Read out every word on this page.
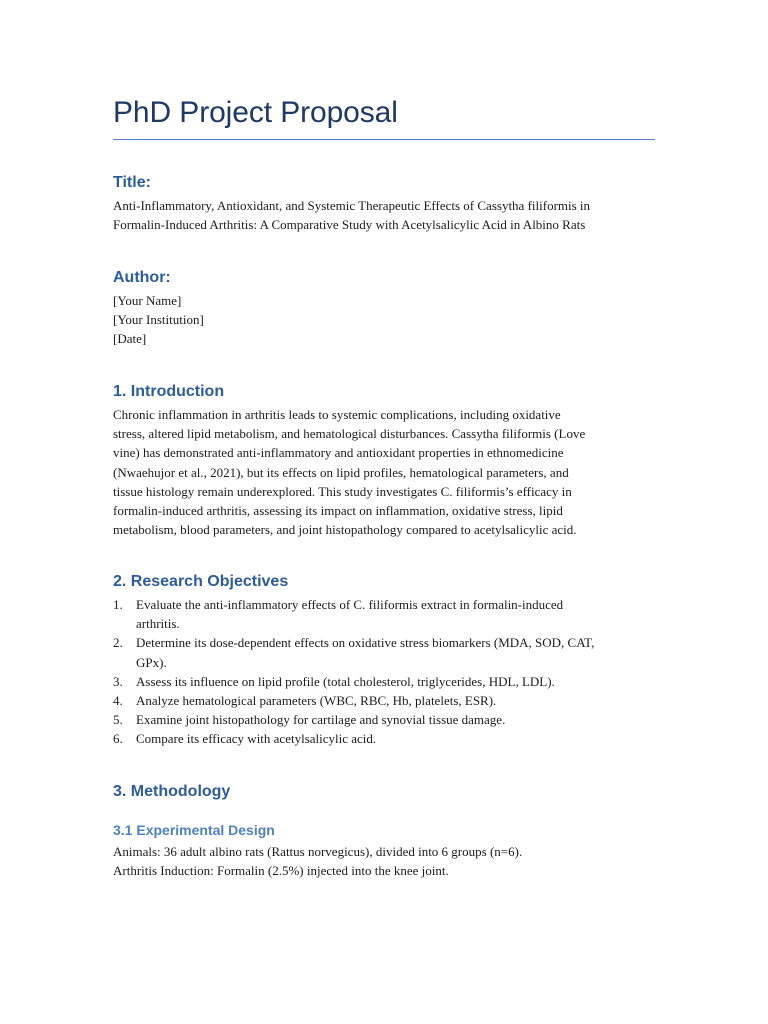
PhD Project Proposal
Title:
Anti-Inflammatory, Antioxidant, and Systemic Therapeutic Effects of Cassytha filiformis in
Formalin-Induced Arthritis: A Comparative Study with Acetylsalicylic Acid in Albino Rats
Author:
[Your Name]
[Your Institution]
[Date]
1. Introduction
Chronic inflammation in arthritis leads to systemic complications, including oxidative
stress, altered lipid metabolism, and hematological disturbances. Cassytha filiformis (Love
vine) has demonstrated anti-inflammatory and antioxidant properties in ethnomedicine
(Nwaehujor et al., 2021), but its effects on lipid profiles, hematological parameters, and
tissue histology remain underexplored. This study investigates C. filiformis’s efficacy in
formalin-induced arthritis, assessing its impact on inflammation, oxidative stress, lipid
metabolism, blood parameters, and joint histopathology compared to acetylsalicylic acid.
2. Research Objectives
1. Evaluate the anti-inflammatory effects of C. filiformis extract in formalin-induced
arthritis.
2. Determine its dose-dependent effects on oxidative stress biomarkers (MDA, SOD, CAT,
GPx).
3. Assess its influence on lipid profile (total cholesterol, triglycerides, HDL, LDL).
4. Analyze hematological parameters (WBC, RBC, Hb, platelets, ESR).
5. Examine joint histopathology for cartilage and synovial tissue damage.
6. Compare its efficacy with acetylsalicylic acid.
3. Methodology
3.1 Experimental Design
Animals: 36 adult albino rats (Rattus norvegicus), divided into 6 groups (n=6).
Arthritis Induction: Formalin (2.5%) injected into the knee joint.
